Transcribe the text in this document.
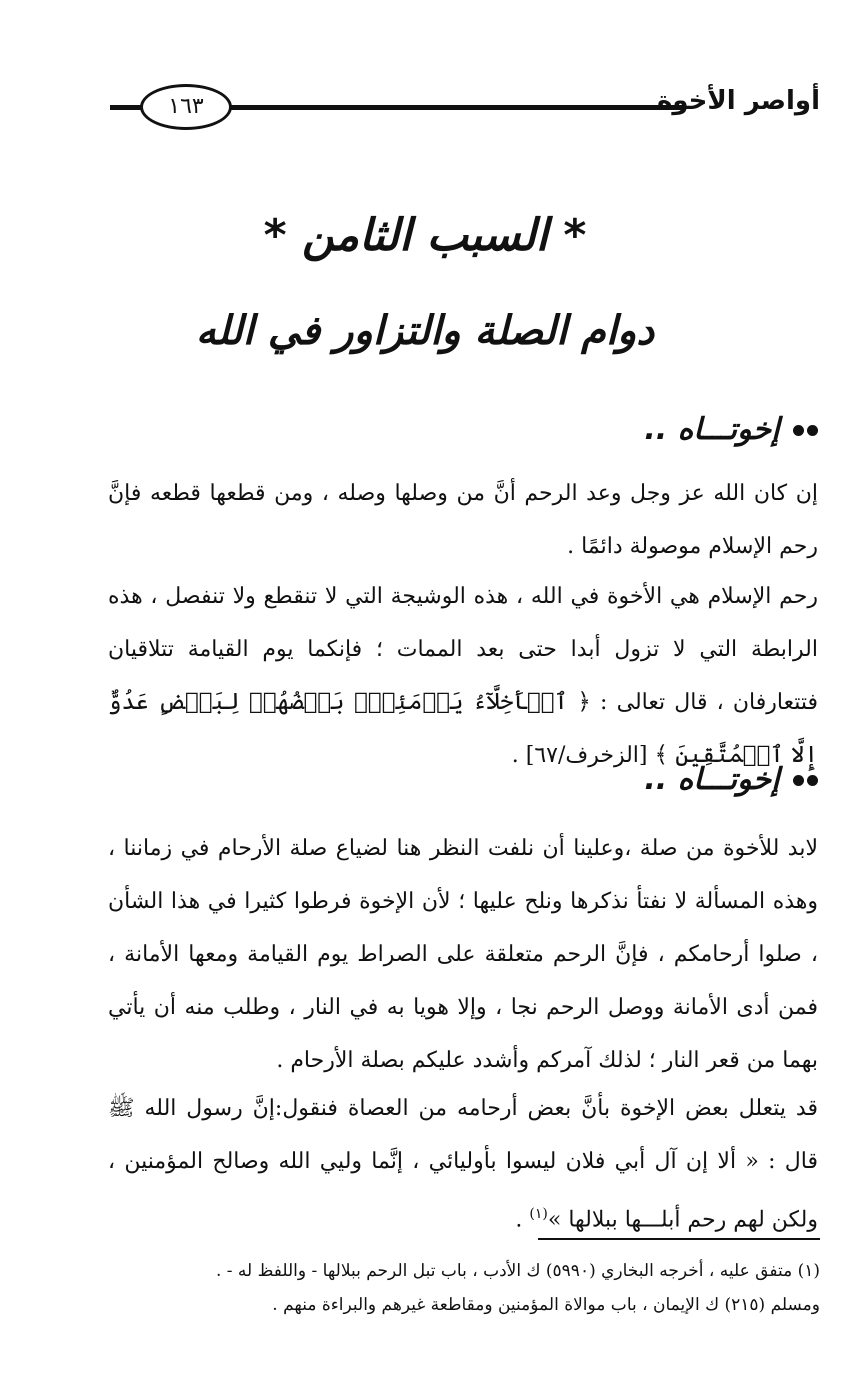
أواصر الأخوة
١٦٣
* السبب الثامن *
دوام الصلة والتزاور في الله
إخوتـــاه ..

إن كان الله عز وجل وعد الرحم أنَّ من وصلها وصله ، ومن قطعها قطعه فإنَّ رحم الإسلام موصولة دائمًا .

رحم الإسلام هي الأخوة في الله ، هذه الوشيجة التي لا تنقطع ولا تنفصل ، هذه الرابطة التي لا تزول أبدا حتى بعد الممات ؛ فإنكما يوم القيامة تتلاقيان فتتعارفان ، قال تعالى : ﴿ ٱلۡأَخِلَّآءُ يَوۡمَئِذِۭ بَعۡضُهُمۡ لِبَعۡضٍ عَدُوٌّ إِلَّا ٱلۡمُتَّقِينَ ﴾ [الزخرف/٦٧] .

إخوتـــاه ..

لابد للأخوة من صلة ،وعلينا أن نلفت النظر هنا لضياع صلة الأرحام في زماننا ، وهذه المسألة لا نفتأ نذكرها ونلح عليها ؛ لأن الإخوة فرطوا كثيرا في هذا الشأن ، صلوا أرحامكم ، فإنَّ الرحم متعلقة على الصراط يوم القيامة ومعها الأمانة ، فمن أدى الأمانة ووصل الرحم نجا ، وإلا هويا به في النار ، وطلب منه أن يأتي بهما من قعر النار ؛ لذلك آمركم وأشدد عليكم بصلة الأرحام .

قد يتعلل بعض الإخوة بأنَّ بعض أرحامه من العصاة فنقول:إنَّ رسول الله ﷺ قال : « ألا إن آل أبي فلان ليسوا بأوليائي ، إنَّما وليي الله وصالح المؤمنين ، ولكن لهم رحم أبلـــها ببلالها »$^{(١)}$ .

(١) متفق عليه ، أخرجه البخاري (٥٩٩٠) ك الأدب ، باب تبل الرحم ببلالها - واللفظ له - .

ومسلم (٢١٥) ك الإيمان ، باب موالاة المؤمنين ومقاطعة غيرهم والبراءة منهم .
